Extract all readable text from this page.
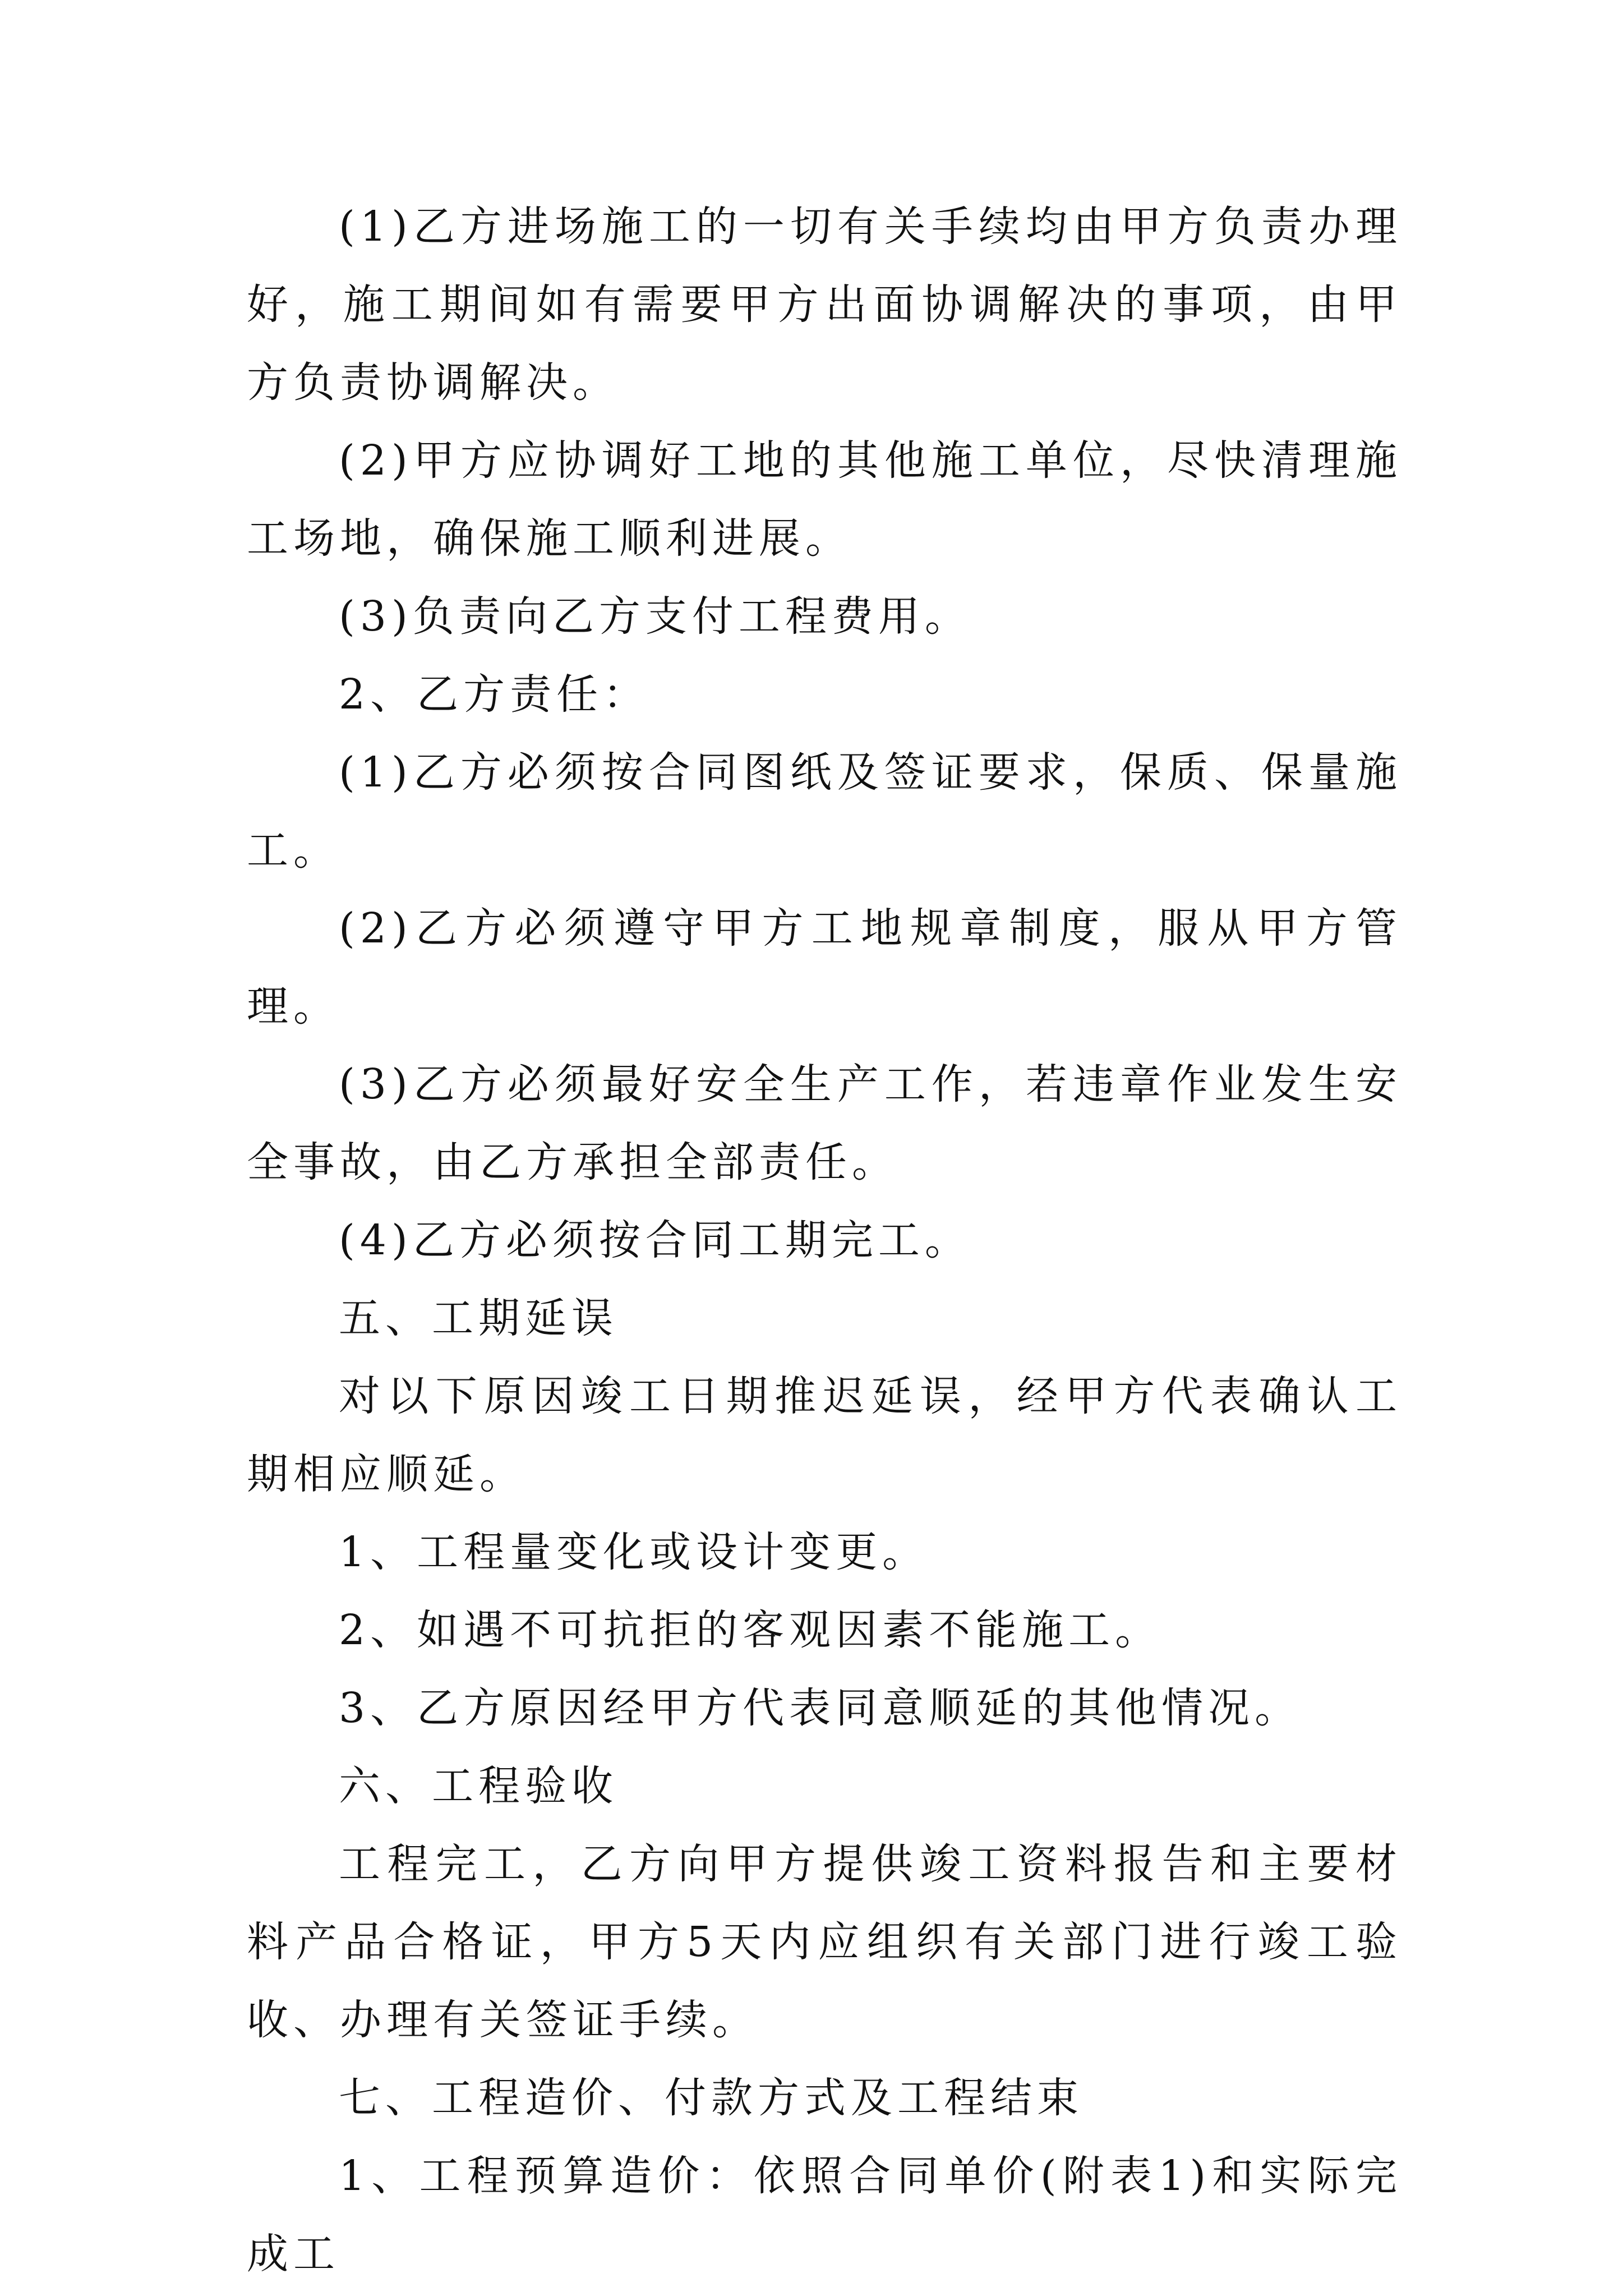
(1)乙方进场施工的一切有关手续均由甲方负责办理好，施工期间如有需要甲方出面协调解决的事项，由甲方负责协调解决。

(2)甲方应协调好工地的其他施工单位，尽快清理施工场地，确保施工顺利进展。

(3)负责向乙方支付工程费用。

2、乙方责任：

(1)乙方必须按合同图纸及签证要求，保质、保量施工。

(2)乙方必须遵守甲方工地规章制度，服从甲方管理。

(3)乙方必须最好安全生产工作，若违章作业发生安全事故，由乙方承担全部责任。

(4)乙方必须按合同工期完工。

五、工期延误

对以下原因竣工日期推迟延误，经甲方代表确认工期相应顺延。

1、工程量变化或设计变更。

2、如遇不可抗拒的客观因素不能施工。

3、乙方原因经甲方代表同意顺延的其他情况。

六、工程验收

工程完工，乙方向甲方提供竣工资料报告和主要材料产品合格证，甲方5天内应组织有关部门进行竣工验收、办理有关签证手续。

七、工程造价、付款方式及工程结束

1、工程预算造价：依照合同单价(附表1)和实际完成工
